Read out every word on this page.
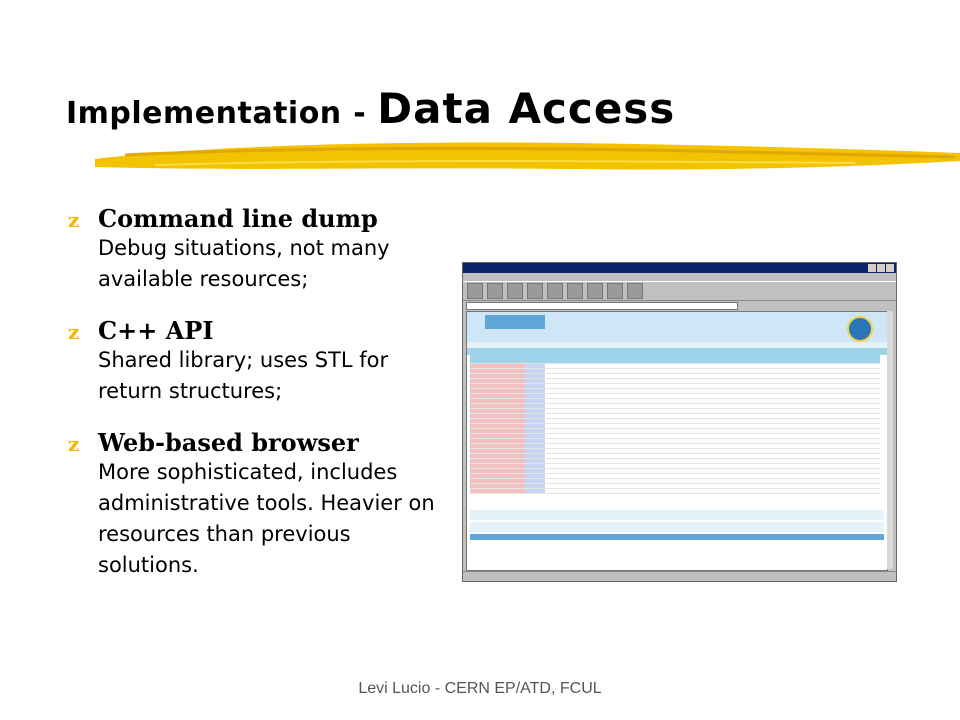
Implementation - Data Access
z Command line dump
Debug situations, not many available resources;
z C++ API
Shared library; uses STL for return structures;
z Web-based browser
More sophisticated, includes administrative tools. Heavier on resources than previous solutions.

Levi Lucio - CERN EP/ATD, FCUL
